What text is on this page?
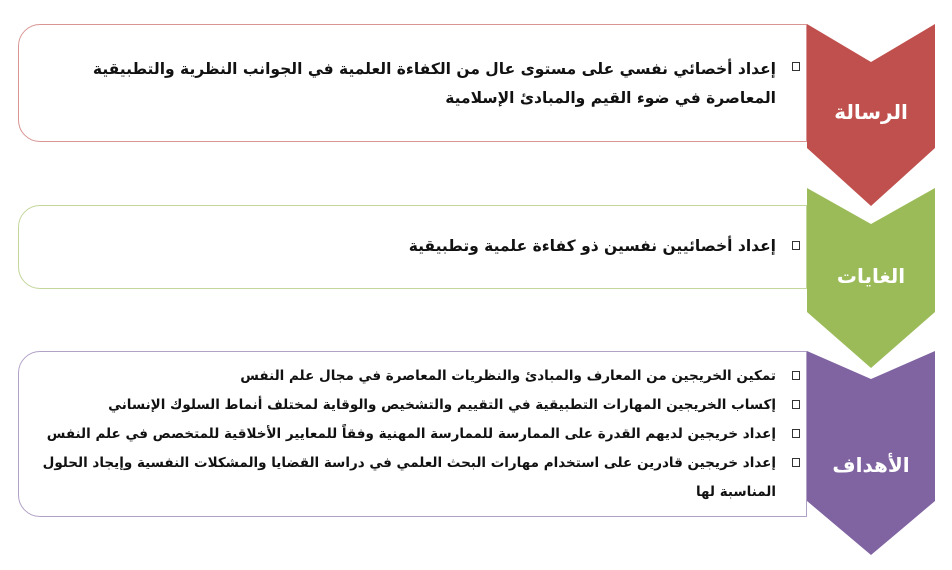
إعداد أخصائي نفسي على مستوى عال من الكفاءة العلمية في الجوانب النظرية والتطبيقية المعاصرة في ضوء القيم والمبادئ الإسلامية
الرسالة
إعداد أخصائيين نفسين ذو كفاءة علمية وتطبيقية
الغايات
تمكين الخريجين من المعارف والمبادئ والنظريات المعاصرة في مجال علم النفس
إكساب الخريجين المهارات التطبيقية في التقييم والتشخيص والوقاية لمختلف أنماط السلوك الإنساني
إعداد خريجين لديهم القدرة على الممارسة للممارسة المهنية وفقاً للمعايير الأخلاقية للمتخصص في علم النفس
إعداد خريجين قادرين على استخدام مهارات البحث العلمي في دراسة القضايا والمشكلات النفسية وإيجاد الحلول المناسبة لها
الأهداف
